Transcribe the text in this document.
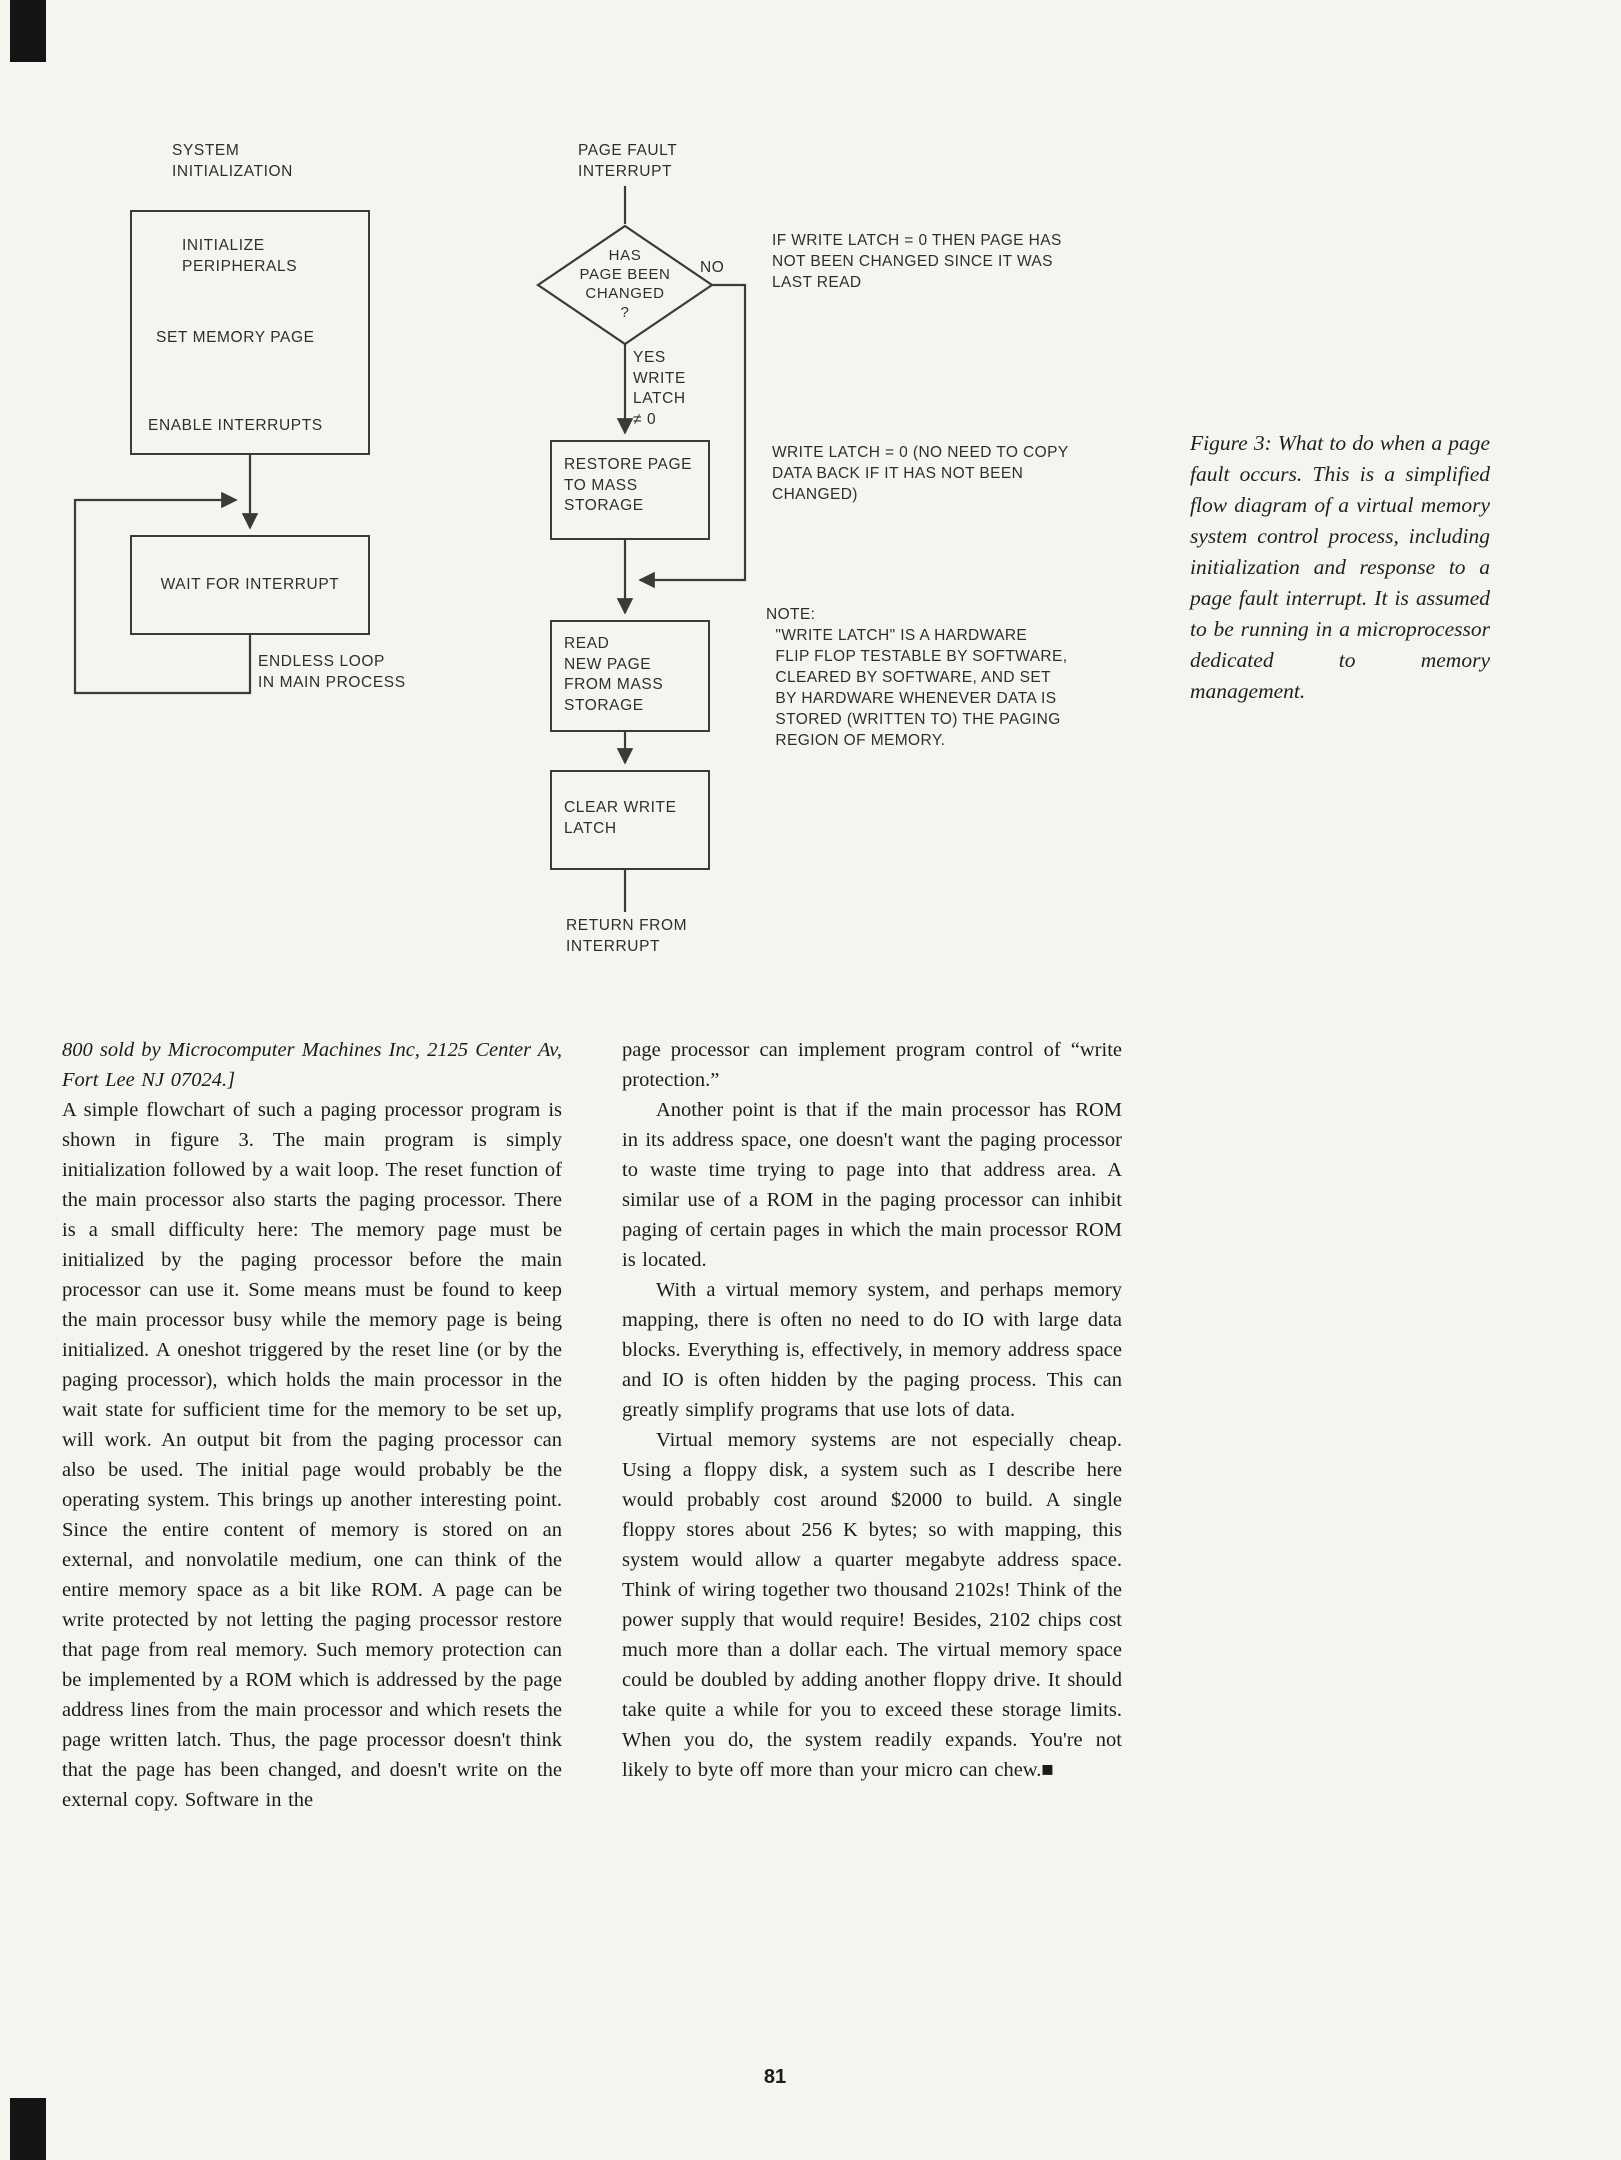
SYSTEM
INITIALIZATION
PAGE FAULT
INTERRUPT
NO
YES
WRITE
LATCH
≠ 0
ENDLESS LOOP
IN MAIN PROCESS
RETURN FROM
INTERRUPT
HAS
PAGE BEEN
CHANGED
?
INITIALIZE
PERIPHERALS
SET MEMORY PAGE
ENABLE INTERRUPTS
WAIT FOR INTERRUPT
RESTORE PAGE
TO MASS
STORAGE
READ
NEW PAGE
FROM MASS
STORAGE
CLEAR WRITE
LATCH
IF WRITE LATCH = 0 THEN PAGE HAS
NOT BEEN CHANGED SINCE IT WAS
LAST READ
WRITE LATCH = 0 (NO NEED TO COPY
DATA BACK IF IT HAS NOT BEEN
CHANGED)
NOTE:
"WRITE LATCH" IS A HARDWARE
FLIP FLOP TESTABLE BY SOFTWARE,
CLEARED BY SOFTWARE, AND SET
BY HARDWARE WHENEVER DATA IS
STORED (WRITTEN TO) THE PAGING
REGION OF MEMORY.
Figure 3: What to do when a page fault occurs. This is a simplified flow diagram of a virtual memory system control process, including initialization and response to a page fault interrupt. It is assumed to be running in a microprocessor dedicated to memory management.

800 sold by Microcomputer Machines Inc, 2125 Center Av, Fort Lee NJ 07024.]

A simple flowchart of such a paging processor program is shown in figure 3. The main program is simply initialization followed by a wait loop. The reset function of the main processor also starts the paging processor. There is a small difficulty here: The memory page must be initialized by the paging processor before the main processor can use it. Some means must be found to keep the main processor busy while the memory page is being initialized. A oneshot triggered by the reset line (or by the paging processor), which holds the main processor in the wait state for sufficient time for the memory to be set up, will work. An output bit from the paging processor can also be used. The initial page would probably be the operating system. This brings up another interesting point. Since the entire content of memory is stored on an external, and nonvolatile medium, one can think of the entire memory space as a bit like ROM. A page can be write protected by not letting the paging processor restore that page from real memory. Such memory protection can be implemented by a ROM which is addressed by the page address lines from the main processor and which resets the page written latch. Thus, the page processor doesn't think that the page has been changed, and doesn't write on the external copy. Software in the

page processor can implement program control of “write protection.”

Another point is that if the main processor has ROM in its address space, one doesn't want the paging processor to waste time trying to page into that address area. A similar use of a ROM in the paging processor can inhibit paging of certain pages in which the main processor ROM is located.

With a virtual memory system, and perhaps memory mapping, there is often no need to do IO with large data blocks. Everything is, effectively, in memory address space and IO is often hidden by the paging process. This can greatly simplify programs that use lots of data.

Virtual memory systems are not especially cheap. Using a floppy disk, a system such as I describe here would probably cost around $2000 to build. A single floppy stores about 256 K bytes; so with mapping, this system would allow a quarter megabyte address space. Think of wiring together two thousand 2102s! Think of the power supply that would require! Besides, 2102 chips cost much more than a dollar each. The virtual memory space could be doubled by adding another floppy drive. It should take quite a while for you to exceed these storage limits. When you do, the system readily expands. You're not likely to byte off more than your micro can chew.■

81
